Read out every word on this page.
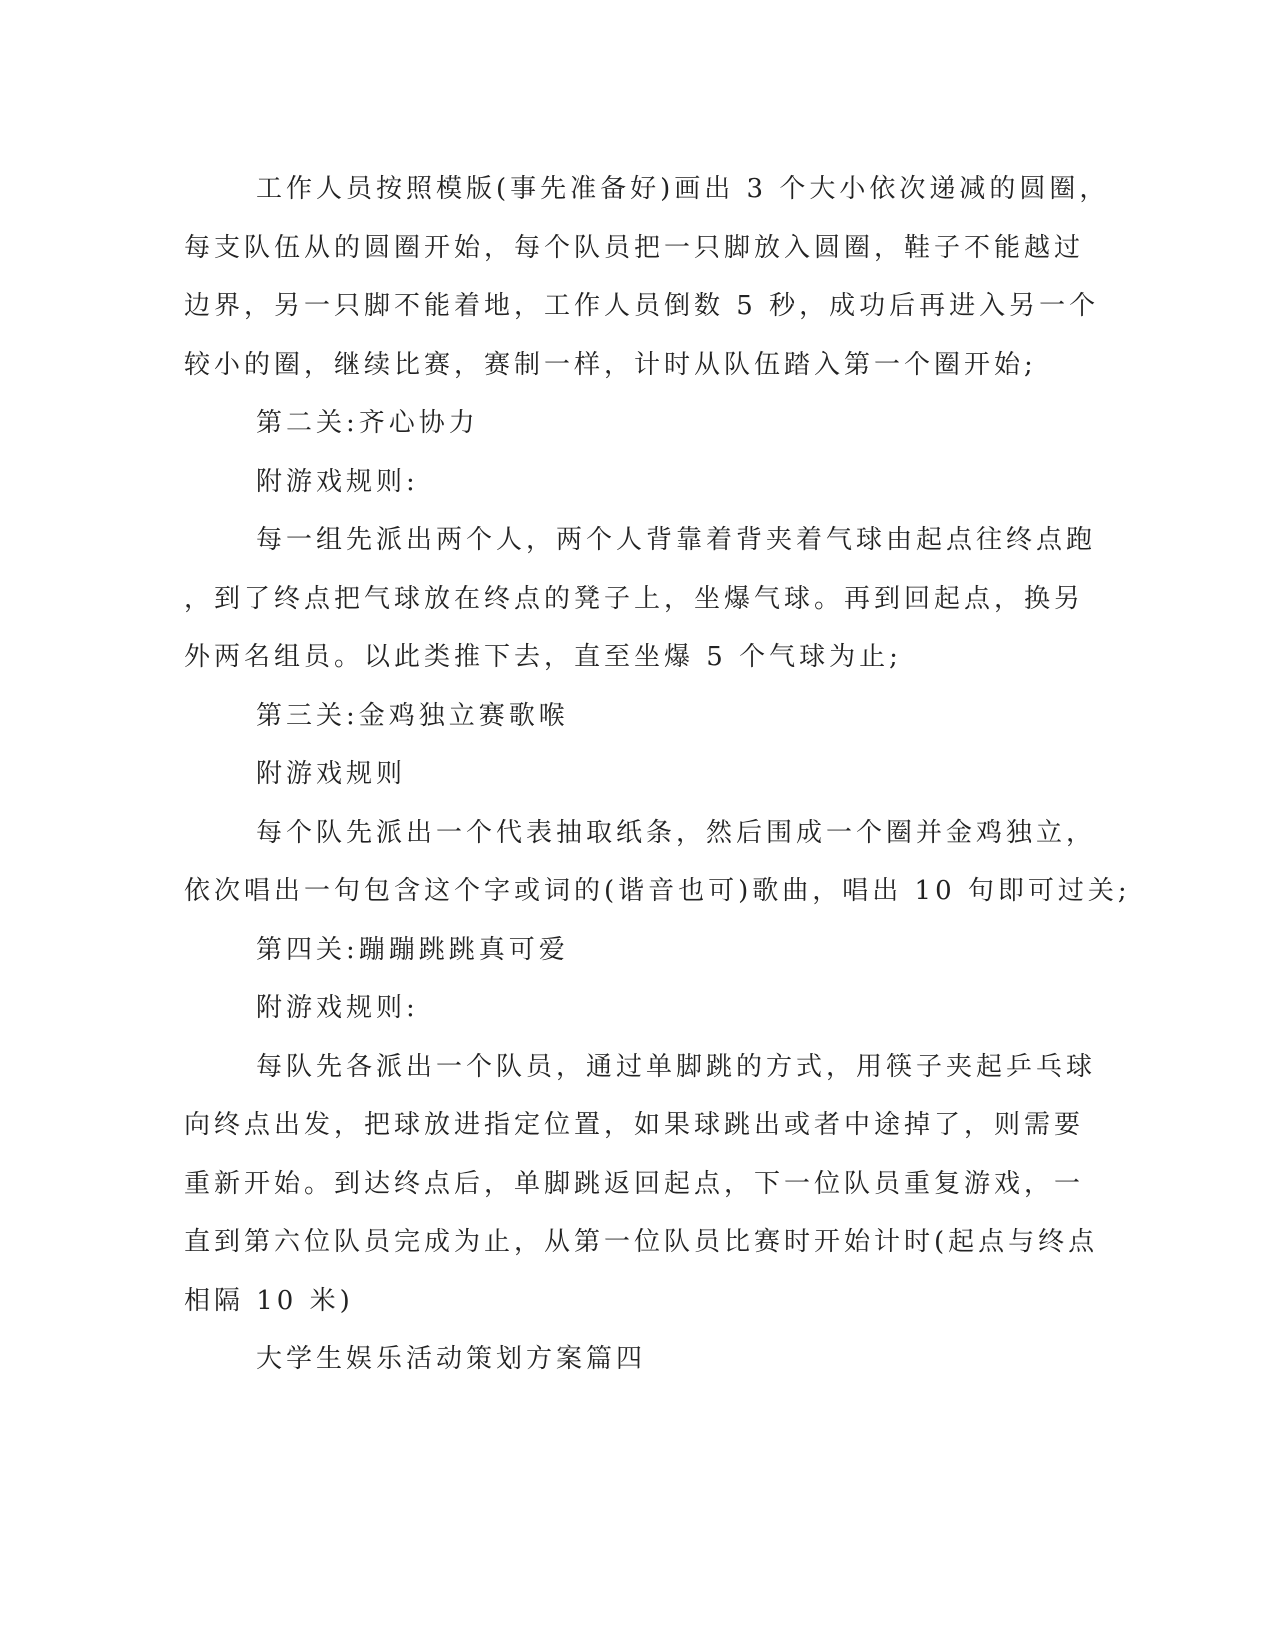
工作人员按照模版(事先准备好)画出 3 个大小依次递减的圆圈，
每支队伍从的圆圈开始，每个队员把一只脚放入圆圈，鞋子不能越过
边界，另一只脚不能着地，工作人员倒数 5 秒，成功后再进入另一个
较小的圈，继续比赛，赛制一样，计时从队伍踏入第一个圈开始;
第二关:齐心协力
附游戏规则:
每一组先派出两个人，两个人背靠着背夹着气球由起点往终点跑
，到了终点把气球放在终点的凳子上，坐爆气球。再到回起点，换另
外两名组员。以此类推下去，直至坐爆 5 个气球为止;
第三关:金鸡独立赛歌喉
附游戏规则
每个队先派出一个代表抽取纸条，然后围成一个圈并金鸡独立，
依次唱出一句包含这个字或词的(谐音也可)歌曲，唱出 10 句即可过关;
第四关:蹦蹦跳跳真可爱
附游戏规则:
每队先各派出一个队员，通过单脚跳的方式，用筷子夹起乒乓球
向终点出发，把球放进指定位置，如果球跳出或者中途掉了，则需要
重新开始。到达终点后，单脚跳返回起点，下一位队员重复游戏，一
直到第六位队员完成为止，从第一位队员比赛时开始计时(起点与终点
相隔 10 米)
大学生娱乐活动策划方案篇四
